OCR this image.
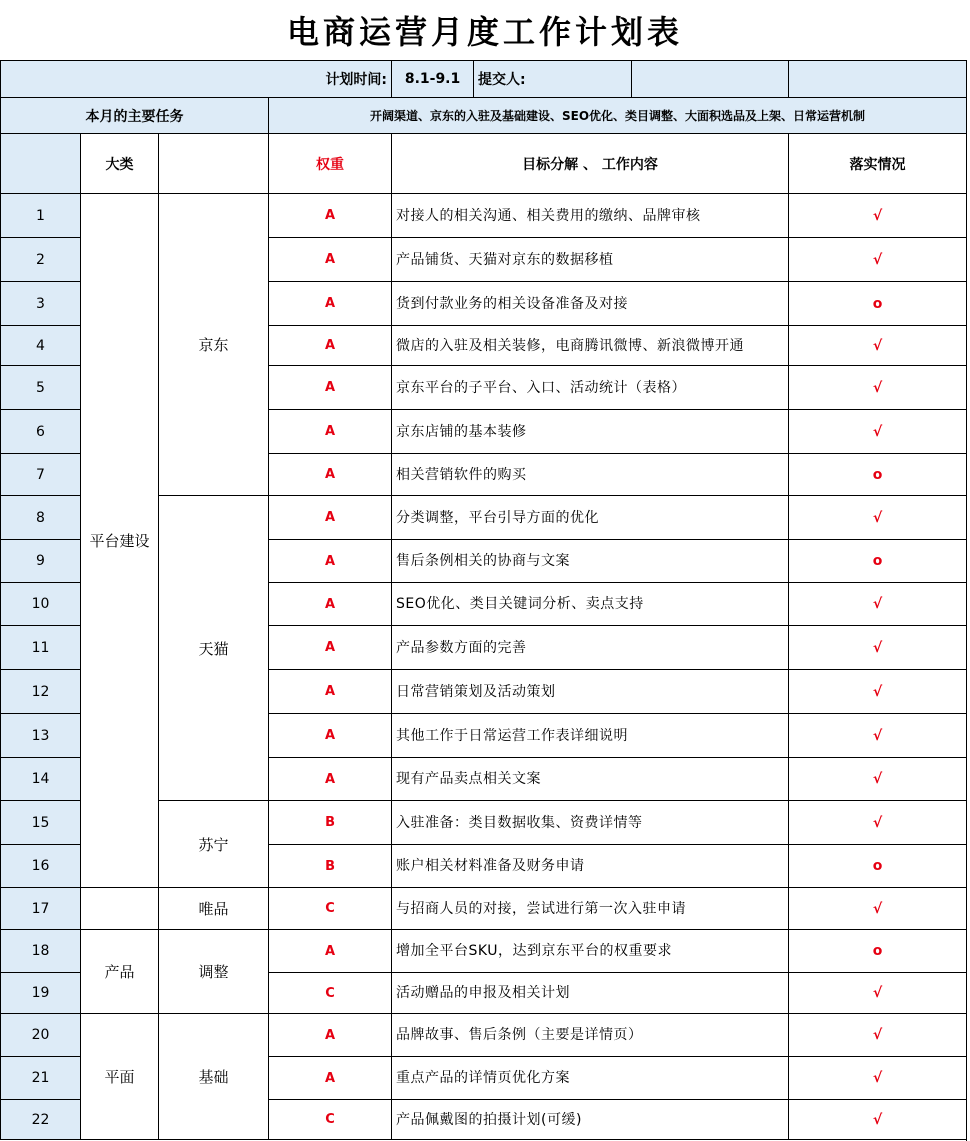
电商运营月度工作计划表
计划时间:				8.1-9.1	提交人:		
本月的主要任务			开阔渠道、京东的入驻及基础建设、SEO优化、类目调整、大面积选品及上架、日常运营机制				
	大类		权重	目标分解 、 工作内容			落实情况
1	平台建设	京东	A	对接人的相关沟通、相关费用的缴纳、品牌审核			√
2			A	产品铺货、天猫对京东的数据移植			√
3			A	货到付款业务的相关设备准备及对接			o
4			A	微店的入驻及相关装修，电商腾讯微博、新浪微博开通			√
5			A	京东平台的子平台、入口、活动统计（表格）			√
6			A	京东店铺的基本装修			√
7			A	相关营销软件的购买			o
8		天猫	A	分类调整，平台引导方面的优化			√
9			A	售后条例相关的协商与文案			o
10			A	SEO优化、类目关键词分析、卖点支持			√
11			A	产品参数方面的完善			√
12			A	日常营销策划及活动策划			√
13			A	其他工作于日常运营工作表详细说明			√
14			A	现有产品卖点相关文案			√
15		苏宁	B	入驻准备：类目数据收集、资费详情等			√
16			B	账户相关材料准备及财务申请			o
17		唯品	C	与招商人员的对接，尝试进行第一次入驻申请			√
18	产品	调整	A	增加全平台SKU，达到京东平台的权重要求			o
19			C	活动赠品的申报及相关计划			√
20	平面	基础	A	品牌故事、售后条例（主要是详情页）			√
21			A	重点产品的详情页优化方案			√
22			C	产品佩戴图的拍摄计划(可缓)			√
